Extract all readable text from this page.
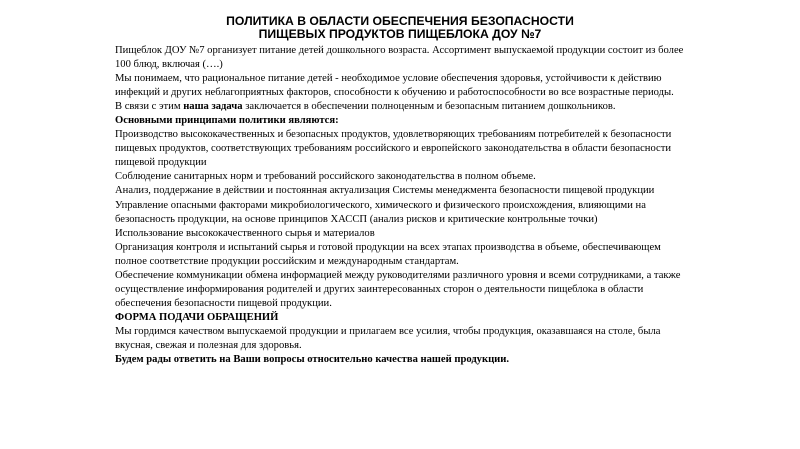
ПОЛИТИКА В ОБЛАСТИ ОБЕСПЕЧЕНИЯ БЕЗОПАСНОСТИ
ПИЩЕВЫХ ПРОДУКТОВ ПИЩЕБЛОКА ДОУ №7

Пищеблок ДОУ №7 организует питание детей дошкольного возраста. Ассортимент выпускаемой продукции состоит из более 100 блюд, включая (….)

Мы понимаем, что рациональное питание детей - необходимое условие обеспечения здоровья, устойчивости к действию инфекций и других неблагоприятных факторов, способности к обучению и работоспособности во все возрастные периоды.

В связи с этим наша задача заключается в обеспечении полноценным и безопасным питанием дошкольников.

Основными принципами политики являются:

Производство высококачественных и безопасных продуктов, удовлетворяющих требованиям потребителей к безопасности пищевых продуктов, соответствующих требованиям российского и европейского законодательства в области безопасности пищевой продукции

Соблюдение санитарных норм и требований российского законодательства в полном объеме.

Анализ, поддержание в действии и постоянная актуализация Системы менеджмента безопасности пищевой продукции

Управление опасными факторами микробиологического, химического и физического происхождения, влияющими на безопасность продукции, на основе принципов ХАССП (анализ рисков и критические контрольные точки)

Использование высококачественного сырья и материалов

Организация контроля и испытаний сырья и готовой продукции на всех этапах производства в объеме, обеспечивающем полное соответствие продукции российским и международным стандартам.

Обеспечение коммуникации обмена информацией между руководителями различного уровня и всеми сотрудниками, а также осуществление информирования родителей и других заинтересованных сторон о деятельности пищеблока в области обеспечения безопасности пищевой продукции.

ФОРМА ПОДАЧИ ОБРАЩЕНИЙ

Мы гордимся качеством выпускаемой продукции и прилагаем все усилия, чтобы продукция, оказавшаяся на столе, была вкусная, свежая и полезная для здоровья.

Будем рады ответить на Ваши вопросы относительно качества нашей продукции.
